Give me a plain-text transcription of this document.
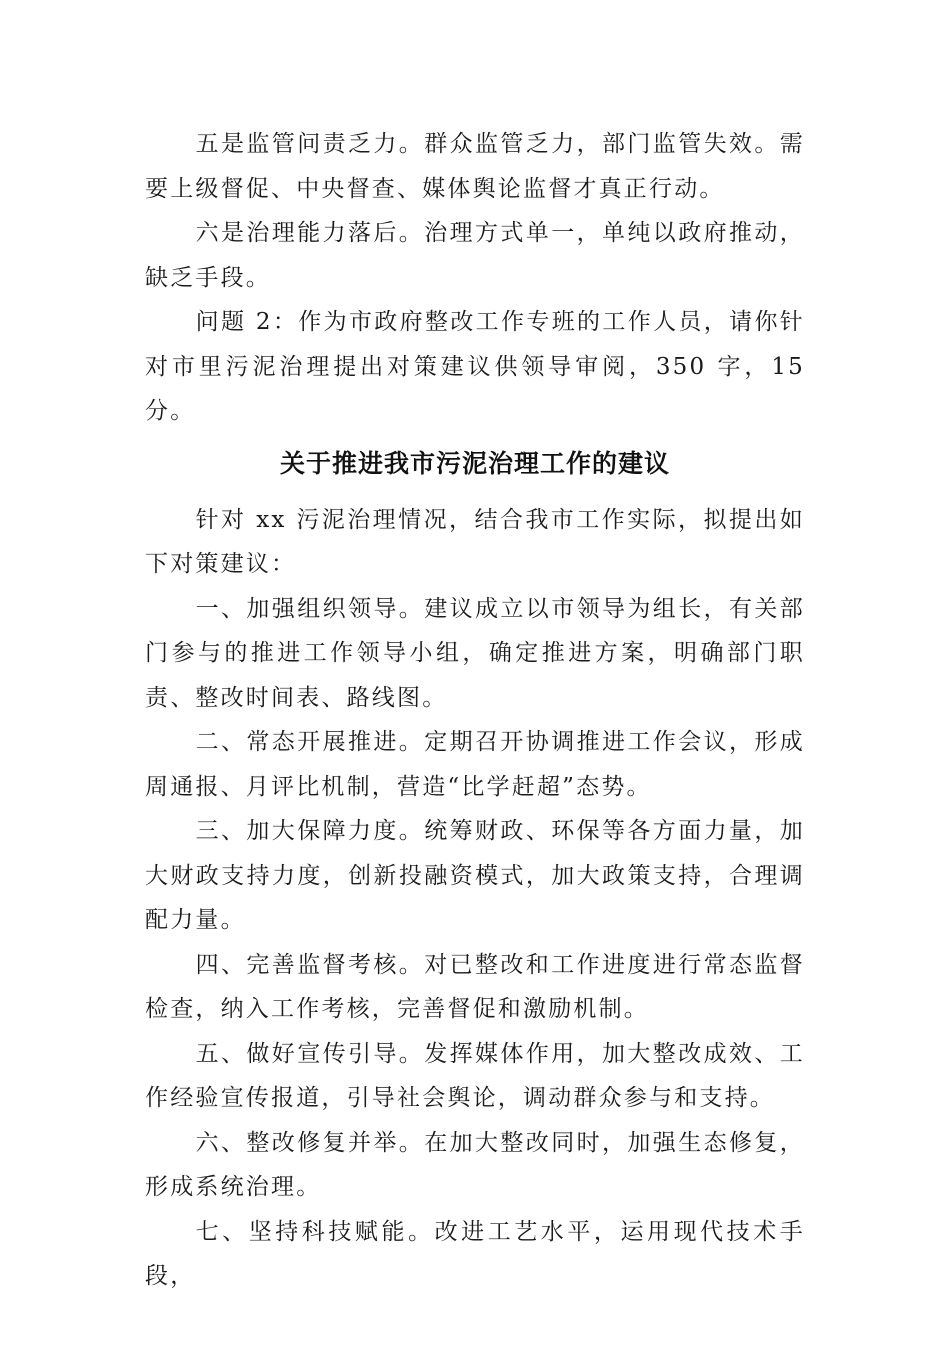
五是监管问责乏力。群众监管乏力，部门监管失效。需要上级督促、中央督查、媒体舆论监督才真正行动。

六是治理能力落后。治理方式单一，单纯以政府推动，缺乏手段。

问题 2：作为市政府整改工作专班的工作人员，请你针对市里污泥治理提出对策建议供领导审阅，350 字，15 分。

关于推进我市污泥治理工作的建议

针对 xx 污泥治理情况，结合我市工作实际，拟提出如下对策建议：

一、加强组织领导。建议成立以市领导为组长，有关部门参与的推进工作领导小组，确定推进方案，明确部门职责、整改时间表、路线图。

二、常态开展推进。定期召开协调推进工作会议，形成周通报、月评比机制，营造“比学赶超”态势。

三、加大保障力度。统筹财政、环保等各方面力量，加大财政支持力度，创新投融资模式，加大政策支持，合理调配力量。

四、完善监督考核。对已整改和工作进度进行常态监督检查，纳入工作考核，完善督促和激励机制。

五、做好宣传引导。发挥媒体作用，加大整改成效、工作经验宣传报道，引导社会舆论，调动群众参与和支持。

六、整改修复并举。在加大整改同时，加强生态修复，形成系统治理。

七、坚持科技赋能。改进工艺水平，运用现代技术手段，
